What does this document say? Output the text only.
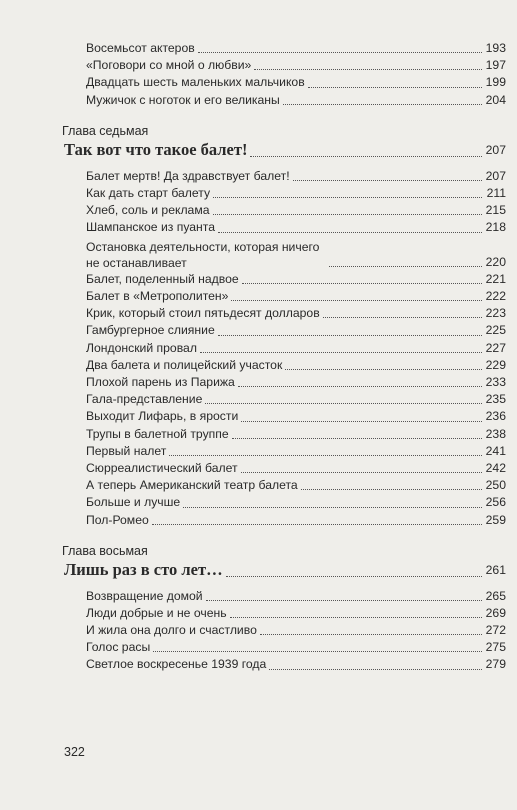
Восемьсот актеров	193
«Поговори со мной о любви»	197
Двадцать шесть маленьких мальчиков	199
Мужичок с ноготок и его великаны	204
Глава седьмая
Так вот что такое балет!	207
Балет мертв! Да здравствует балет!	207
Как дать старт балету	211
Хлеб, соль и реклама	215
Шампанское из пуанта	218
Остановка деятельности, которая ничего не останавливает	220
Балет, поделенный надвое	221
Балет в «Метрополитен»	222
Крик, который стоил пятьдесят долларов	223
Гамбургерное слияние	225
Лондонский провал	227
Два балета и полицейский участок	229
Плохой парень из Парижа	233
Гала-представление	235
Выходит Лифарь, в ярости	236
Трупы в балетной труппе	238
Первый налет	241
Сюрреалистический балет	242
А теперь Американский театр балета	250
Больше и лучше	256
Пол-Ромео	259
Глава восьмая
Лишь раз в сто лет…	261
Возвращение домой	265
Люди добрые и не очень	269
И жила она долго и счастливо	272
Голос расы	275
Светлое воскресенье 1939 года	279
322
